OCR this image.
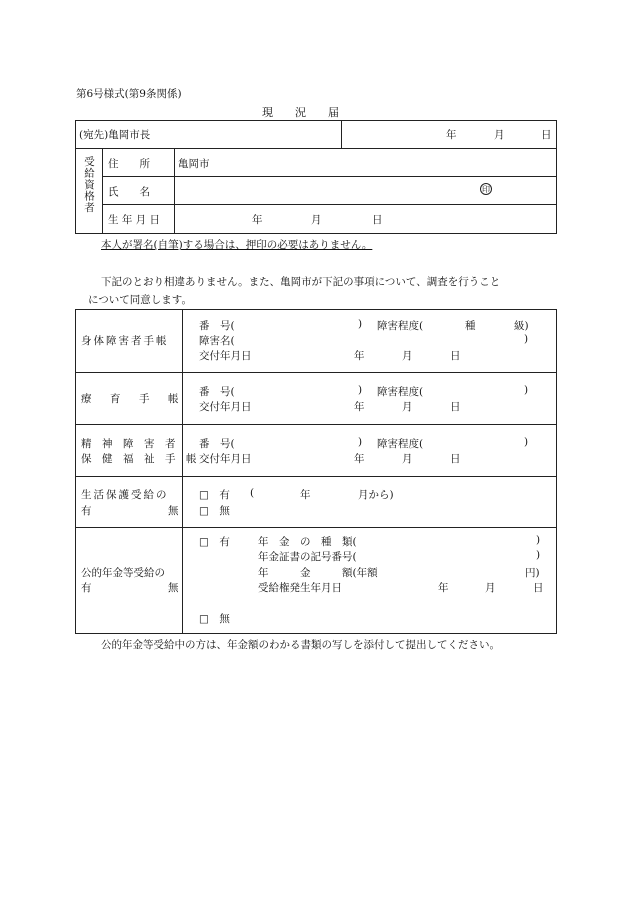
第6号様式(第9条関係)
現　　況　　届
(宛先)亀岡市長	年	月	日
受給資格者 住　　所	亀岡市
氏　　名	印
生 年 月 日	年	月	日
本人が署名(自筆)する場合は、押印の必要はありません。
下記のとおり相違ありません。また、亀岡市が下記の事項について、調査を行うこと
について同意します。
身体障害者手帳
番　号(	) 障害程度(	種	級)
障害名(	)
交付年月日	年	月	日
療　育　手　帳
番　号(	) 障害程度(	)
交付年月日	年	月	日
精　神　障　害　者
保　健　福　祉　手　帳
番　号(	) 障害程度(	)
交付年月日	年	月	日
生活保護受給の
有	無
□　有 (	年	月から)
□　無
公的年金等受給の
有	無
□　有	年　金　の　種　類(	)
年金証書の記号番号(	)
年　　　金　　　額(年額	円)
受給権発生年月日	年	月	日
□　無
公的年金等受給中の方は、年金額のわかる書類の写しを添付して提出してください。
